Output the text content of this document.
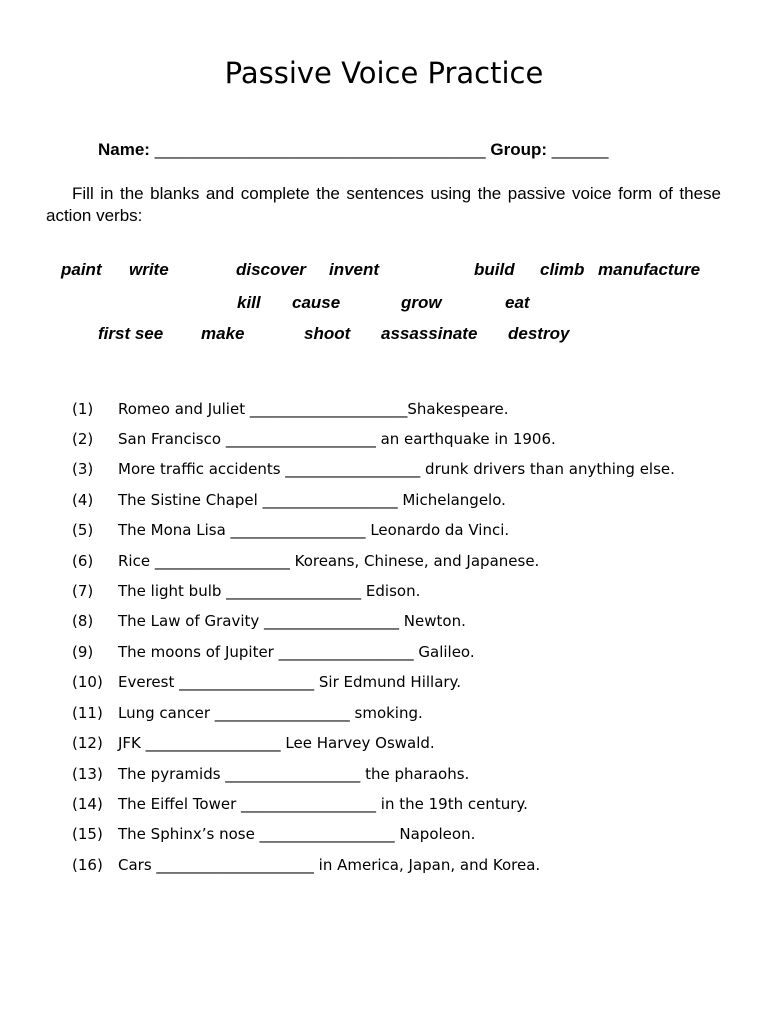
Passive Voice Practice
Name: ___________________________________ Group: ______

Fill in the blanks and complete the sentences using the passive voice form of these action verbs:

paint write	discover invent	build climb manufacture
kill cause	grow	eat
first see make	shoot assassinate destroy
(1) Romeo and Juliet _____________________Shakespeare.
(2) San Francisco ____________________ an earthquake in 1906.
(3) More traffic accidents __________________ drunk drivers than anything else.
(4) The Sistine Chapel __________________ Michelangelo.
(5) The Mona Lisa __________________ Leonardo da Vinci.
(6) Rice __________________ Koreans, Chinese, and Japanese.
(7) The light bulb __________________ Edison.
(8) The Law of Gravity __________________ Newton.
(9) The moons of Jupiter __________________ Galileo.
(10) Everest __________________ Sir Edmund Hillary.
(11) Lung cancer __________________ smoking.
(12) JFK __________________ Lee Harvey Oswald.
(13) The pyramids __________________ the pharaohs.
(14) The Eiffel Tower __________________ in the 19th century.
(15) The Sphinx’s nose __________________ Napoleon.
(16) Cars _____________________ in America, Japan, and Korea.
